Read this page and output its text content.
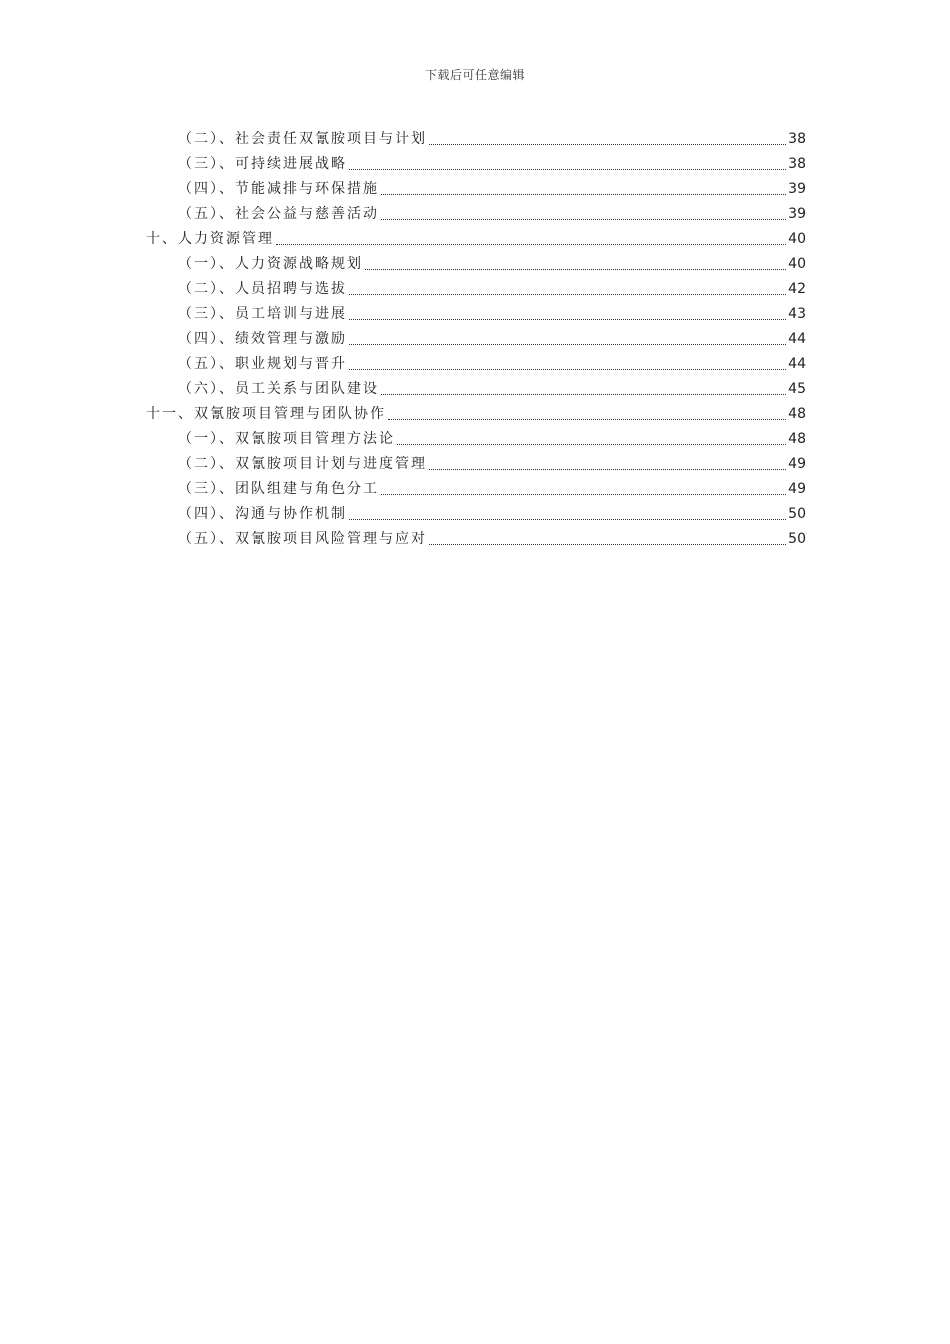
下载后可任意编辑
（二）、社会责任双氰胺项目与计划	38
（三）、可持续进展战略	38
（四）、节能减排与环保措施	39
（五）、社会公益与慈善活动	39
十、人力资源管理	40
（一）、人力资源战略规划	40
（二）、人员招聘与选拔	42
（三）、员工培训与进展	43
（四）、绩效管理与激励	44
（五）、职业规划与晋升	44
（六）、员工关系与团队建设	45
十一、双氰胺项目管理与团队协作	48
（一）、双氰胺项目管理方法论	48
（二）、双氰胺项目计划与进度管理	49
（三）、团队组建与角色分工	49
（四）、沟通与协作机制	50
（五）、双氰胺项目风险管理与应对	50
